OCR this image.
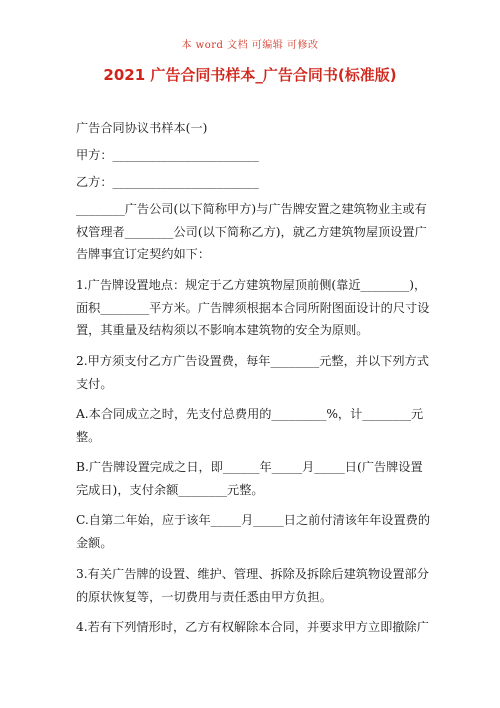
本 word 文档 可编辑 可修改
2021 广告合同书样本_广告合同书(标准版)
广告合同协议书样本(一)
甲方：________________________
乙方：________________________
________广告公司(以下简称甲方)与广告牌安置之建筑物业主或有
权管理者________公司(以下简称乙方)，就乙方建筑物屋顶设置广
告牌事宜订定契约如下：
1.广告牌设置地点：规定于乙方建筑物屋顶前侧(靠近________)，
面积________平方米。广告牌须根据本合同所附图面设计的尺寸设
置，其重量及结构须以不影响本建筑物的安全为原则。
2.甲方须支付乙方广告设置费，每年________元整，并以下列方式
支付。
A.本合同成立之时，先支付总费用的_________%，计________元
整。
B.广告牌设置完成之日，即______年_____月_____日(广告牌设置
完成日)，支付余额________元整。
C.自第二年始，应于该年_____月_____日之前付清该年年设置费的
金额。
3.有关广告牌的设置、维护、管理、拆除及拆除后建筑物设置部分
的原状恢复等，一切费用与责任悉由甲方负担。
4.若有下列情形时，乙方有权解除本合同，并要求甲方立即撤除广
